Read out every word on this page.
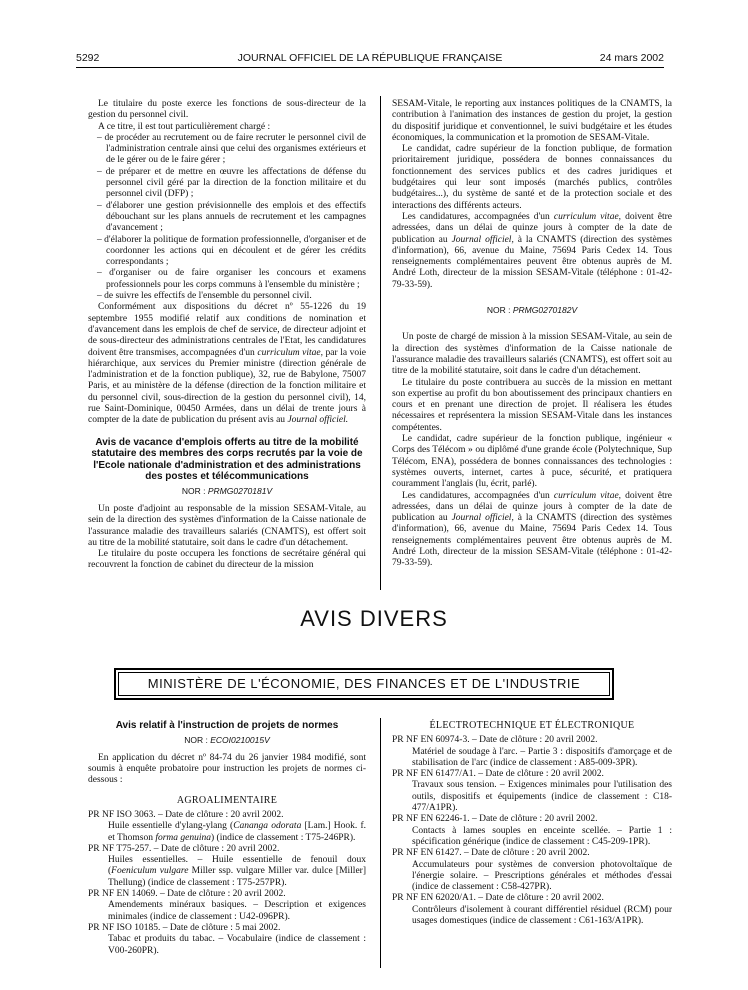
5292	JOURNAL OFFICIEL DE LA RÉPUBLIQUE FRANÇAISE	24 mars 2002

Le titulaire du poste exerce les fonctions de sous-directeur de la gestion du personnel civil.

A ce titre, il est tout particulièrement chargé :

– de procéder au recrutement ou de faire recruter le personnel civil de l'administration centrale ainsi que celui des organismes extérieurs et de le gérer ou de le faire gérer ;

– de préparer et de mettre en œuvre les affectations de défense du personnel civil géré par la direction de la fonction militaire et du personnel civil (DFP) ;

– d'élaborer une gestion prévisionnelle des emplois et des effectifs débouchant sur les plans annuels de recrutement et les campagnes d'avancement ;

– d'élaborer la politique de formation professionnelle, d'organiser et de coordonner les actions qui en découlent et de gérer les crédits correspondants ;

– d'organiser ou de faire organiser les concours et examens professionnels pour les corps communs à l'ensemble du ministère ;

– de suivre les effectifs de l'ensemble du personnel civil.

Conformément aux dispositions du décret nº 55-1226 du 19 septembre 1955 modifié relatif aux conditions de nomination et d'avancement dans les emplois de chef de service, de directeur adjoint et de sous-directeur des administrations centrales de l'Etat, les candidatures doivent être transmises, accompagnées d'un curriculum vitae, par la voie hiérarchique, aux services du Premier ministre (direction générale de l'administration et de la fonction publique), 32, rue de Babylone, 75007 Paris, et au ministère de la défense (direction de la fonction militaire et du personnel civil, sous-direction de la gestion du personnel civil), 14, rue Saint-Dominique, 00450 Armées, dans un délai de trente jours à compter de la date de publication du présent avis au Journal officiel.

Avis de vacance d'emplois offerts au titre de la mobilité statutaire des membres des corps recrutés par la voie de l'Ecole nationale d'administration et des administrations des postes et télécommunications
NOR : PRMG0270181V

Un poste d'adjoint au responsable de la mission SESAM-Vitale, au sein de la direction des systèmes d'information de la Caisse nationale de l'assurance maladie des travailleurs salariés (CNAMTS), est offert soit au titre de la mobilité statutaire, soit dans le cadre d'un détachement.

Le titulaire du poste occupera les fonctions de secrétaire général qui recouvrent la fonction de cabinet du directeur de la mission

SESAM-Vitale, le reporting aux instances politiques de la CNAMTS, la contribution à l'animation des instances de gestion du projet, la gestion du dispositif juridique et conventionnel, le suivi budgétaire et les études économiques, la communication et la promotion de SESAM-Vitale.

Le candidat, cadre supérieur de la fonction publique, de formation prioritairement juridique, possédera de bonnes connaissances du fonctionnement des services publics et des cadres juridiques et budgétaires qui leur sont imposés (marchés publics, contrôles budgétaires...), du système de santé et de la protection sociale et des interactions des différents acteurs.

Les candidatures, accompagnées d'un curriculum vitae, doivent être adressées, dans un délai de quinze jours à compter de la date de publication au Journal officiel, à la CNAMTS (direction des systèmes d'information), 66, avenue du Maine, 75694 Paris Cedex 14. Tous renseignements complémentaires peuvent être obtenus auprès de M. André Loth, directeur de la mission SESAM-Vitale (téléphone : 01-42-79-33-59).

NOR : PRMG0270182V

Un poste de chargé de mission à la mission SESAM-Vitale, au sein de la direction des systèmes d'information de la Caisse nationale de l'assurance maladie des travailleurs salariés (CNAMTS), est offert soit au titre de la mobilité statutaire, soit dans le cadre d'un détachement.

Le titulaire du poste contribuera au succès de la mission en mettant son expertise au profit du bon aboutissement des principaux chantiers en cours et en prenant une direction de projet. Il réalisera les études nécessaires et représentera la mission SESAM-Vitale dans les instances compétentes.

Le candidat, cadre supérieur de la fonction publique, ingénieur « Corps des Télécom » ou diplômé d'une grande école (Polytechnique, Sup Télécom, ENA), possédera de bonnes connaissances des technologies : systèmes ouverts, internet, cartes à puce, sécurité, et pratiquera couramment l'anglais (lu, écrit, parlé).

Les candidatures, accompagnées d'un curriculum vitae, doivent être adressées, dans un délai de quinze jours à compter de la date de publication au Journal officiel, à la CNAMTS (direction des systèmes d'information), 66, avenue du Maine, 75694 Paris Cedex 14. Tous renseignements complémentaires peuvent être obtenus auprès de M. André Loth, directeur de la mission SESAM-Vitale (téléphone : 01-42-79-33-59).

AVIS DIVERS
MINISTÈRE DE L'ÉCONOMIE, DES FINANCES ET DE L'INDUSTRIE
Avis relatif à l'instruction de projets de normes
NOR : ECOI0210015V

En application du décret nº 84-74 du 26 janvier 1984 modifié, sont soumis à enquête probatoire pour instruction les projets de normes ci-dessous :

AGROALIMENTAIRE
PR NF ISO 3063. – Date de clôture : 20 avril 2002.
Huile essentielle d'ylang-ylang (Cananga odorata [Lam.] Hook. f. et Thomson forma genuina) (indice de classement : T75-246PR).
PR NF T75-257. – Date de clôture : 20 avril 2002.
Huiles essentielles. – Huile essentielle de fenouil doux (Foeniculum vulgare Miller ssp. vulgare Miller var. dulce [Miller] Thellung) (indice de classement : T75-257PR).
PR NF EN 14069. – Date de clôture : 20 avril 2002.
Amendements minéraux basiques. – Description et exigences minimales (indice de classement : U42-096PR).
PR NF ISO 10185. – Date de clôture : 5 mai 2002.
Tabac et produits du tabac. – Vocabulaire (indice de classement : V00-260PR).
ÉLECTROTECHNIQUE ET ÉLECTRONIQUE
PR NF EN 60974-3. – Date de clôture : 20 avril 2002.
Matériel de soudage à l'arc. – Partie 3 : dispositifs d'amorçage et de stabilisation de l'arc (indice de classement : A85-009-3PR).
PR NF EN 61477/A1. – Date de clôture : 20 avril 2002.
Travaux sous tension. – Exigences minimales pour l'utilisation des outils, dispositifs et équipements (indice de classement : C18-477/A1PR).
PR NF EN 62246-1. – Date de clôture : 20 avril 2002.
Contacts à lames souples en enceinte scellée. – Partie 1 : spécification générique (indice de classement : C45-209-1PR).
PR NF EN 61427. – Date de clôture : 20 avril 2002.
Accumulateurs pour systèmes de conversion photovoltaïque de l'énergie solaire. – Prescriptions générales et méthodes d'essai (indice de classement : C58-427PR).
PR NF EN 62020/A1. – Date de clôture : 20 avril 2002.
Contrôleurs d'isolement à courant différentiel résiduel (RCM) pour usages domestiques (indice de classement : C61-163/A1PR).
